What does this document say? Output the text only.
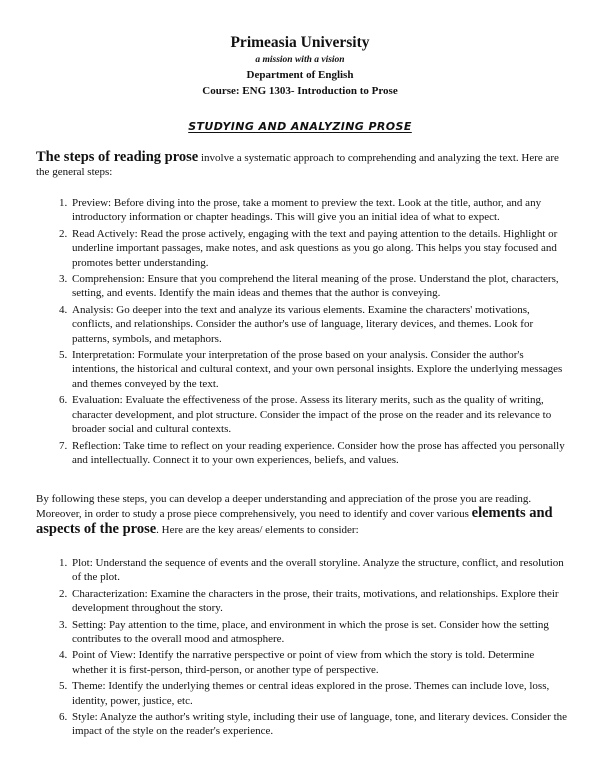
Primeasia University
a mission with a vision
Department of English
Course: ENG 1303- Introduction to Prose
STUDYING AND ANALYZING PROSE
The steps of reading prose involve a systematic approach to comprehending and analyzing the text. Here are the general steps:
1. Preview: Before diving into the prose, take a moment to preview the text. Look at the title, author, and any introductory information or chapter headings. This will give you an initial idea of what to expect.
2. Read Actively: Read the prose actively, engaging with the text and paying attention to the details. Highlight or underline important passages, make notes, and ask questions as you go along. This helps you stay focused and promotes better understanding.
3. Comprehension: Ensure that you comprehend the literal meaning of the prose. Understand the plot, characters, setting, and events. Identify the main ideas and themes that the author is conveying.
4. Analysis: Go deeper into the text and analyze its various elements. Examine the characters' motivations, conflicts, and relationships. Consider the author's use of language, literary devices, and themes. Look for patterns, symbols, and metaphors.
5. Interpretation: Formulate your interpretation of the prose based on your analysis. Consider the author's intentions, the historical and cultural context, and your own personal insights. Explore the underlying messages and themes conveyed by the text.
6. Evaluation: Evaluate the effectiveness of the prose. Assess its literary merits, such as the quality of writing, character development, and plot structure. Consider the impact of the prose on the reader and its relevance to broader social and cultural contexts.
7. Reflection: Take time to reflect on your reading experience. Consider how the prose has affected you personally and intellectually. Connect it to your own experiences, beliefs, and values.
By following these steps, you can develop a deeper understanding and appreciation of the prose you are reading. Moreover, in order to study a prose piece comprehensively, you need to identify and cover various elements and aspects of the prose. Here are the key areas/ elements to consider:
1. Plot: Understand the sequence of events and the overall storyline. Analyze the structure, conflict, and resolution of the plot.
2. Characterization: Examine the characters in the prose, their traits, motivations, and relationships. Explore their development throughout the story.
3. Setting: Pay attention to the time, place, and environment in which the prose is set. Consider how the setting contributes to the overall mood and atmosphere.
4. Point of View: Identify the narrative perspective or point of view from which the story is told. Determine whether it is first-person, third-person, or another type of perspective.
5. Theme: Identify the underlying themes or central ideas explored in the prose. Themes can include love, loss, identity, power, justice, etc.
6. Style: Analyze the author's writing style, including their use of language, tone, and literary devices. Consider the impact of the style on the reader's experience.
